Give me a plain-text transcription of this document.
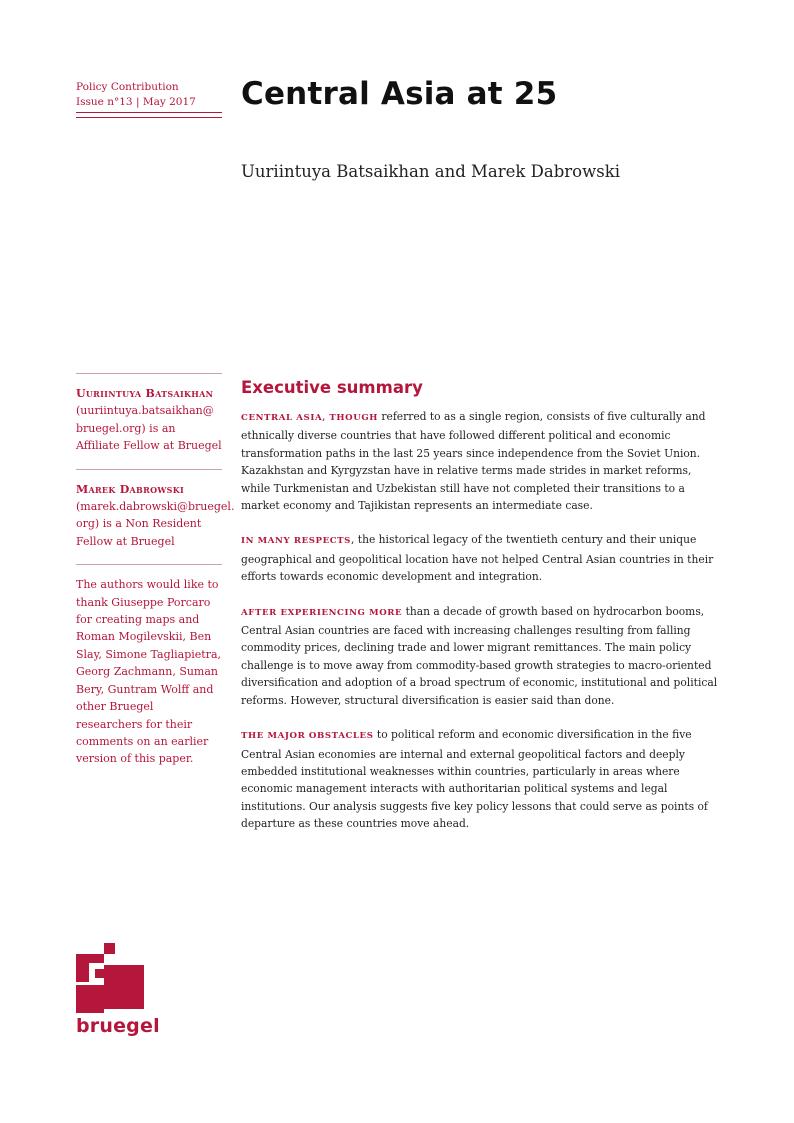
Policy Contribution
Issue n°13 | May 2017	Central Asia at 25
Uuriintuya Batsaikhan and Marek Dabrowski
Uuriintuya Batsaikhan
(uuriintuya.batsaikhan@ bruegel.org) is an Affiliate Fellow at Bruegel
Marek Dabrowski
(marek.dabrowski@bruegel. org) is a Non Resident Fellow at Bruegel
The authors would like to thank Giuseppe Porcaro for creating maps and Roman Mogilevskii, Ben Slay, Simone Tagliapietra, Georg Zachmann, Suman Bery, Guntram Wolff and other Bruegel researchers for their comments on an earlier version of this paper.
Executive summary

CENTRAL ASIA, THOUGH referred to as a single region, consists of five culturally and ethnically diverse countries that have followed different political and economic transformation paths in the last 25 years since independence from the Soviet Union. Kazakhstan and Kyrgyzstan have in relative terms made strides in market reforms, while Turkmenistan and Uzbekistan still have not completed their transitions to a market economy and Tajikistan represents an intermediate case.

IN MANY RESPECTS, the historical legacy of the twentieth century and their unique geographical and geopolitical location have not helped Central Asian countries in their efforts towards economic development and integration.

AFTER EXPERIENCING MORE than a decade of growth based on hydrocarbon booms, Central Asian countries are faced with increasing challenges resulting from falling commodity prices, declining trade and lower migrant remittances. The main policy challenge is to move away from commodity-based growth strategies to macro-oriented diversification and adoption of a broad spectrum of economic, institutional and political reforms. However, structural diversification is easier said than done.

THE MAJOR OBSTACLES to political reform and economic diversification in the five Central Asian economies are internal and external geopolitical factors and deeply embedded institutional weaknesses within countries, particularly in areas where economic management interacts with authoritarian political systems and legal institutions. Our analysis suggests five key policy lessons that could serve as points of departure as these countries move ahead.

bruegel
